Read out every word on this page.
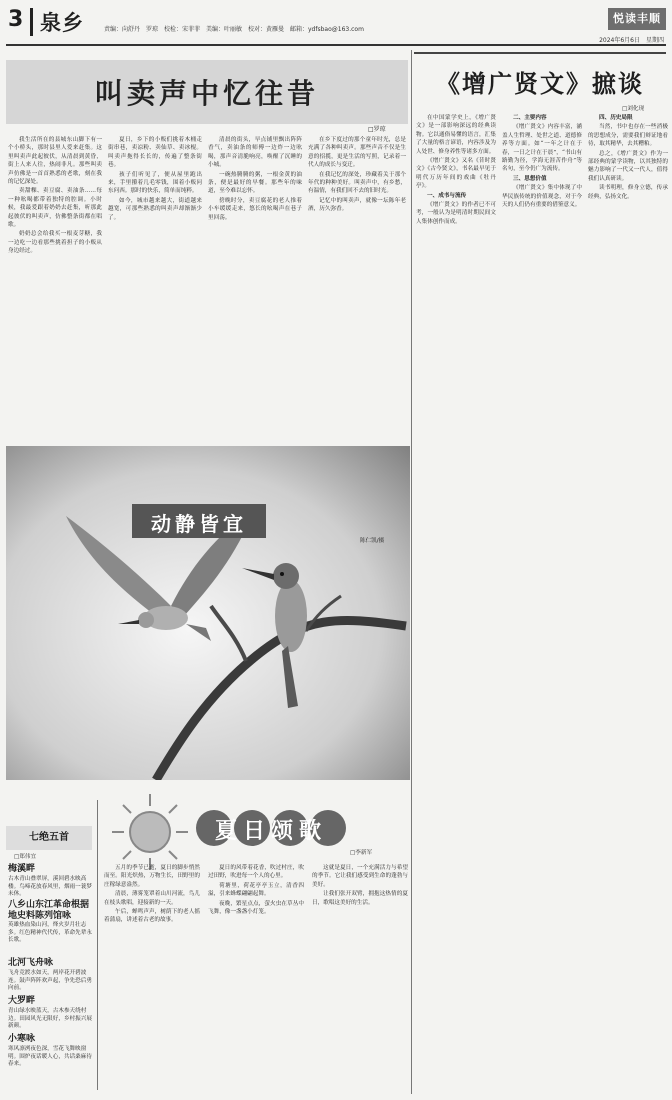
3 泉乡	责编：向舒丹　罗琼　校检：宋菲菲　美编：叶丽敏　校对：黄雁曼　邮箱：ydfsbao@163.com
悦读丰顺
2024年6月6日　星期四
叫卖声中忆往昔
□罗琼

我生活所在的县城东山脚下有一个小桥头，那时县里人爱来赶集。这里叫卖声此起彼伏，从清晨到黄昏，街上人来人往，热闹非凡。那些叫卖声仿佛是一首首熟悉的老歌，刻在我的记忆深处。

卖甜粿、卖豆腐、卖油条……每一种吆喝都带着独特的腔调。小时候，我最爱跟着奶奶去赶集，听那此起彼伏的叫卖声，仿佛整条街都在唱歌。

奶奶总会给我买一根麦芽糖，我一边吃一边看那些挑着担子的小贩从身边经过。

夏日，乡下的小贩们挑着木桶走街串巷，卖凉粉、卖仙草、卖冰棍。叫卖声拖得长长的，传遍了整条街巷。

孩子们听见了，便从屋里跑出来，手里攥着几毛零钱，围着小贩问东问西。那时的快乐，简单而纯粹。

如今，城市越来越大，街道越来越宽，可那些熟悉的叫卖声却渐渐少了。

清晨的街头，早点铺里飘出阵阵香气，卖油条的师傅一边炸一边吆喝，那声音清脆响亮，唤醒了沉睡的小城。

一碗热腾腾的粥，一根金黄的油条，便是最好的早餐。那些年的味道，至今难以忘怀。

傍晚时分，卖豆腐花的老人推着小车缓缓走来，悠长的吆喝声在巷子里回荡。

在乡下度过的那个童年时光，总是充满了各种叫卖声。那些声音不仅是生意的招揽，更是生活的写照，记录着一代人的成长与变迁。

在我记忆的深处，珍藏着关于那个年代的种种美好。叫卖声中，有乡愁，有温情，有我们回不去的旧时光。

记忆中的叫卖声，就像一坛陈年老酒，历久弥香。

动静皆宜
陈仁凯/摄
七绝五首
□郑伟宜
梅溪畔
古木青山叠翠屏，溪回碧水映高楼。鸟啼花放春风里，烟雨一蓑梦未休。
八乡山东江革命根据地史料陈列馆咏
英雄热血染山河，烽火岁月壮志多。红色精神代代传，革命先辈永长歌。
北河飞舟咏
飞舟竞渡水如天，两岸花开碧波连。鼓声阵阵欢声起，争先恐后勇向前。
大罗畔
青山绿水映蓝天，古木参天绕村边。田园风光无限好，乡村振兴展新颜。
小寒咏
寒风凛冽夜色深，雪花飞舞映窗明。围炉夜话暖人心，共话桑麻待春来。
夏日颂歌
□李新军

五月的季节已逝，夏日的脚步悄然而至。阳光炽热，万物生长，田野里的庄稼绿意盎然。

清晨，薄雾笼罩着山川河流，鸟儿在枝头歌唱，迎接新的一天。

午后，蝉鸣声声，树荫下的老人摇着蒲扇，讲述着古老的故事。

夏日的风带着花香，吹过村庄，吹过田野，吹进每一个人的心里。

荷塘里，荷花亭亭玉立，清香四溢，引来蜂蝶翩翩起舞。

夜晚，繁星点点，萤火虫在草丛中飞舞，像一盏盏小灯笼。

这就是夏日，一个充满活力与希望的季节。它让我们感受到生命的蓬勃与美好。

让我们张开双臂，拥抱这热情的夏日，歌唱这美好的生活。

《增广贤文》摭谈
□刘化现

在中国蒙学史上，《增广贤文》是一部影响深远的经典读物。它以通俗易懂的语言，汇集了大量的格言谚语，内容涉及为人处世、修身养性等诸多方面。

《增广贤文》又名《昔时贤文》《古今贤文》，书名最早见于明代万历年间的戏曲《牡丹亭》。

一、成书与流传

《增广贤文》的作者已不可考，一般认为是明清时期民间文人集体创作而成。

二、主要内容

《增广贤文》内容丰富，涵盖人生哲理、处世之道、道德修养等方面。如“一年之计在于春，一日之计在于晨”，“书山有路勤为径，学海无涯苦作舟”等名句，至今仍广为流传。

三、思想价值

《增广贤文》集中体现了中华民族传统的价值观念，对于今天的人们仍有重要的借鉴意义。

四、历史局限

当然，书中也存在一些消极的思想成分，需要我们辩证地看待，取其精华，去其糟粕。

总之，《增广贤文》作为一部经典的蒙学读物，以其独特的魅力影响了一代又一代人，值得我们认真研读。

读书明理，修身立德，传承经典，弘扬文化。
